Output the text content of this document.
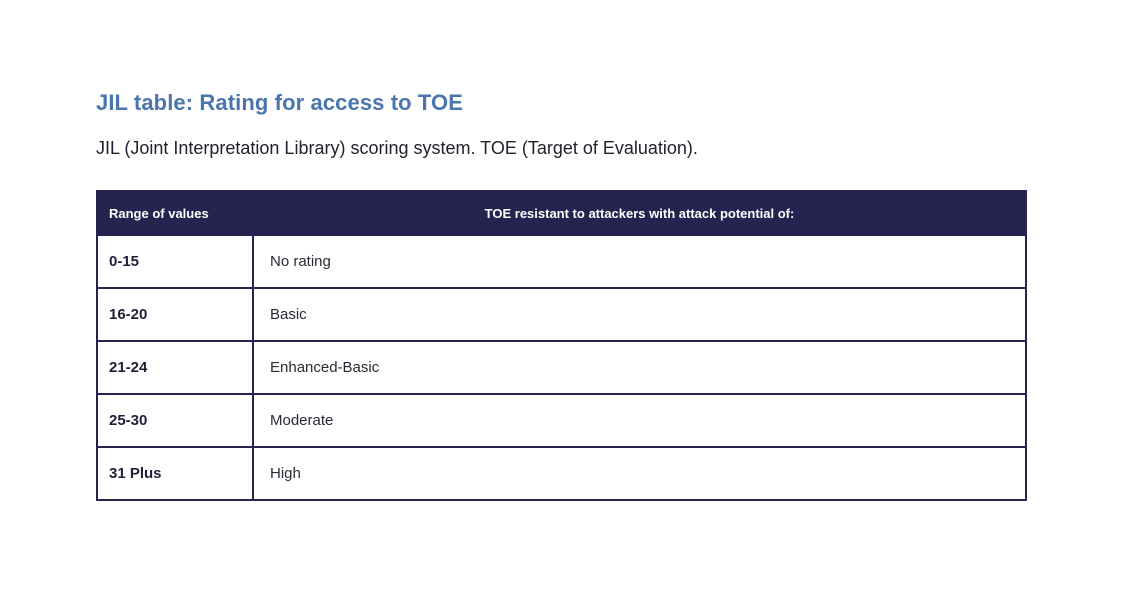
JIL table: Rating for access to TOE

JIL (Joint Interpretation Library) scoring system. TOE (Target of Evaluation).

Range of values	TOE resistant to attackers with attack potential of:
0-15	No rating
16-20	Basic
21-24	Enhanced-Basic
25-30	Moderate
31 Plus	High
